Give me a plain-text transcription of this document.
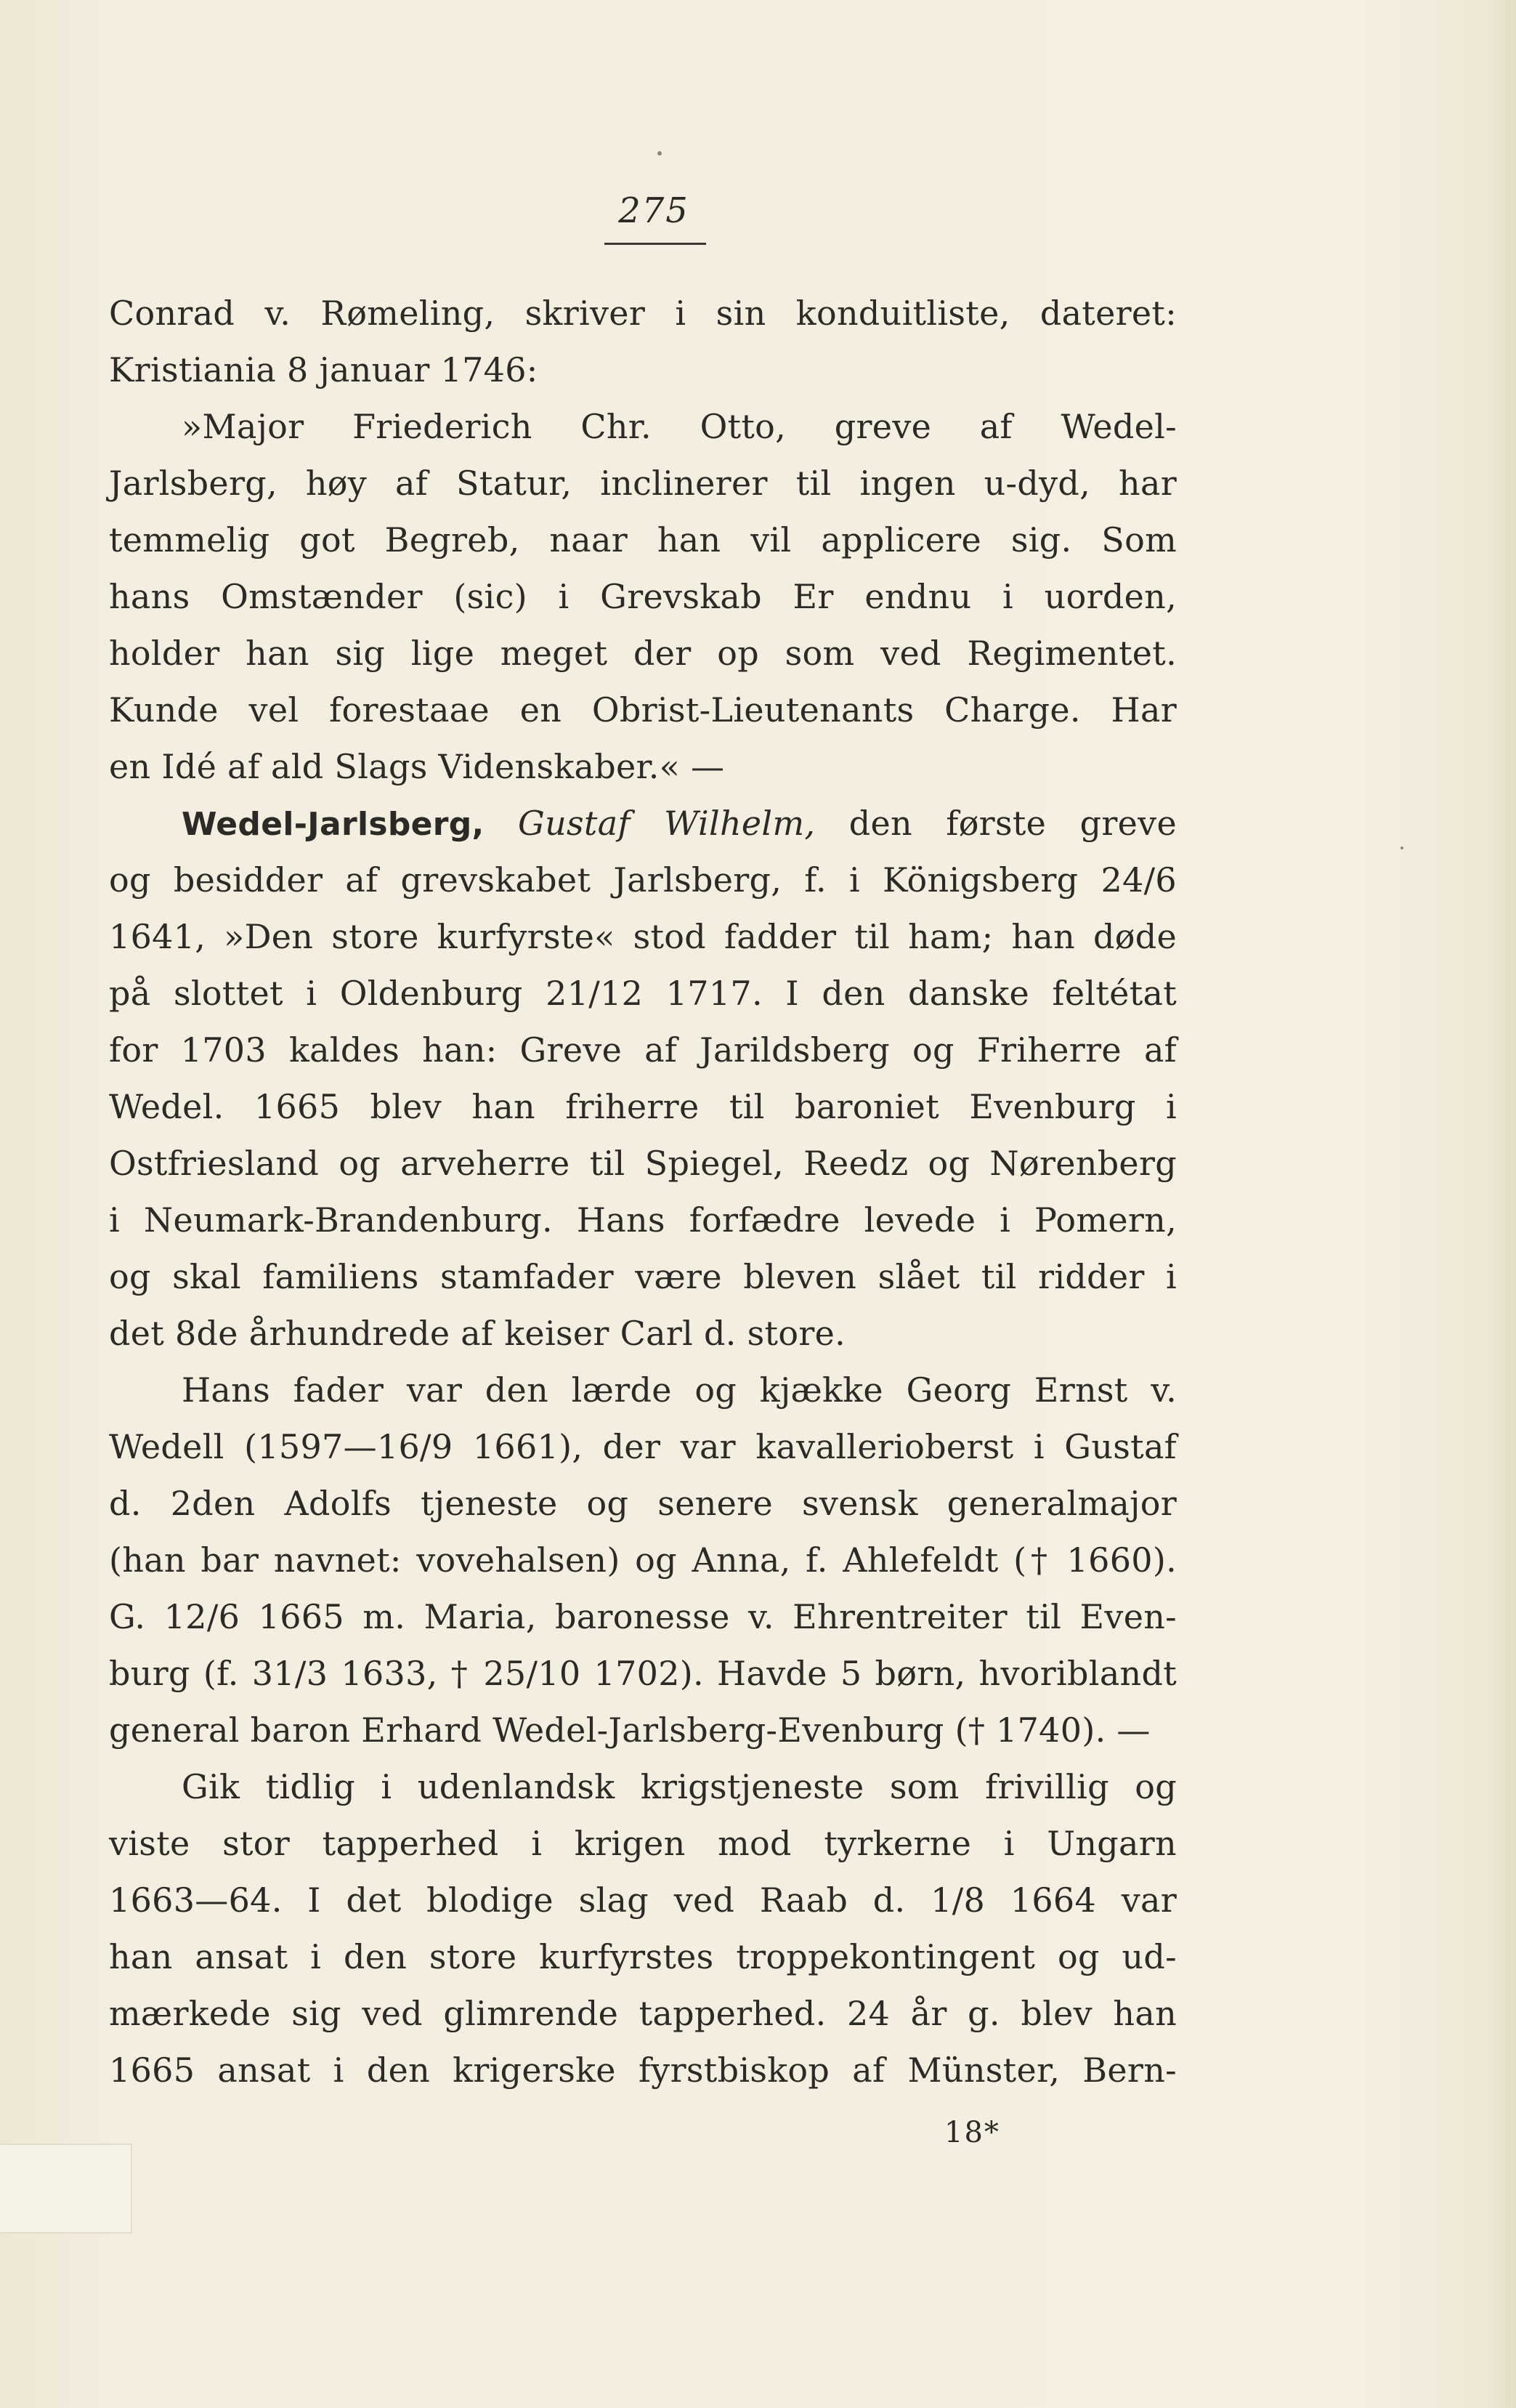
275
Conrad v. Rømeling, skriver i sin konduitliste, dateret:
Kristiania 8 januar 1746:
»Major Friederich Chr. Otto, greve af Wedel-
Jarlsberg, høy af Statur, inclinerer til ingen u-dyd, har
temmelig got Begreb, naar han vil applicere sig. Som
hans Omstænder (sic) i Grevskab Er endnu i uorden,
holder han sig lige meget der op som ved Regimentet.
Kunde vel forestaae en Obrist-Lieutenants Charge. Har
en Idé af ald Slags Videnskaber.« —
Wedel-Jarlsberg, Gustaf Wilhelm, den første greve
og besidder af grevskabet Jarlsberg, f. i Königsberg 24/6
1641, »Den store kurfyrste« stod fadder til ham; han døde
på slottet i Oldenburg 21/12 1717. I den danske feltétat
for 1703 kaldes han: Greve af Jarildsberg og Friherre af
Wedel. 1665 blev han friherre til baroniet Evenburg i
Ostfriesland og arveherre til Spiegel, Reedz og Nørenberg
i Neumark-Brandenburg. Hans forfædre levede i Pomern,
og skal familiens stamfader være bleven slået til ridder i
det 8de århundrede af keiser Carl d. store.
Hans fader var den lærde og kjække Georg Ernst v.
Wedell (1597—16/9 1661), der var kavallerioberst i Gustaf
d. 2den Adolfs tjeneste og senere svensk generalmajor
(han bar navnet: vovehalsen) og Anna, f. Ahlefeldt († 1660).
G. 12/6 1665 m. Maria, baronesse v. Ehrentreiter til Even-
burg (f. 31/3 1633, † 25/10 1702). Havde 5 børn, hvoriblandt
general baron Erhard Wedel-Jarlsberg-Evenburg († 1740). —
Gik tidlig i udenlandsk krigstjeneste som frivillig og
viste stor tapperhed i krigen mod tyrkerne i Ungarn
1663—64. I det blodige slag ved Raab d. 1/8 1664 var
han ansat i den store kurfyrstes troppekontingent og ud-
mærkede sig ved glimrende tapperhed. 24 år g. blev han
1665 ansat i den krigerske fyrstbiskop af Münster, Bern-
18*
